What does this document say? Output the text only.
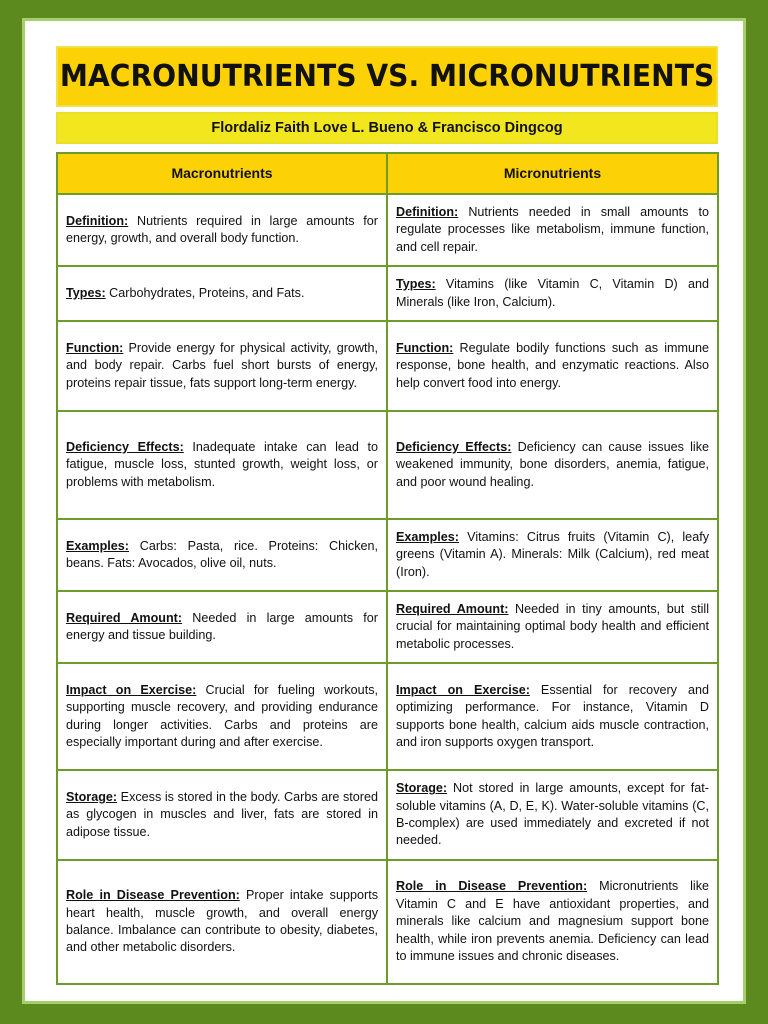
MACRONUTRIENTS VS. MICRONUTRIENTS
Flordaliz Faith Love L. Bueno & Francisco Dingcog
Macronutrients	Micronutrients
Definition: Nutrients required in large amounts for energy, growth, and overall body function.	Definition: Nutrients needed in small amounts to regulate processes like metabolism, immune function, and cell repair.
Types: Carbohydrates, Proteins, and Fats.	Types: Vitamins (like Vitamin C, Vitamin D) and Minerals (like Iron, Calcium).
Function: Provide energy for physical activity, growth, and body repair. Carbs fuel short bursts of energy, proteins repair tissue, fats support long-term energy.	Function: Regulate bodily functions such as immune response, bone health, and enzymatic reactions. Also help convert food into energy.
Deficiency Effects: Inadequate intake can lead to fatigue, muscle loss, stunted growth, weight loss, or problems with metabolism.	Deficiency Effects: Deficiency can cause issues like weakened immunity, bone disorders, anemia, fatigue, and poor wound healing.
Examples: Carbs: Pasta, rice. Proteins: Chicken, beans. Fats: Avocados, olive oil, nuts.	Examples: Vitamins: Citrus fruits (Vitamin C), leafy greens (Vitamin A). Minerals: Milk (Calcium), red meat (Iron).
Required Amount: Needed in large amounts for energy and tissue building.	Required Amount: Needed in tiny amounts, but still crucial for maintaining optimal body health and efficient metabolic processes.
Impact on Exercise: Crucial for fueling workouts, supporting muscle recovery, and providing endurance during longer activities. Carbs and proteins are especially important during and after exercise.	Impact on Exercise: Essential for recovery and optimizing performance. For instance, Vitamin D supports bone health, calcium aids muscle contraction, and iron supports oxygen transport.
Storage: Excess is stored in the body. Carbs are stored as glycogen in muscles and liver, fats are stored in adipose tissue.	Storage: Not stored in large amounts, except for fat-soluble vitamins (A, D, E, K). Water-soluble vitamins (C, B-complex) are used immediately and excreted if not needed.
Role in Disease Prevention: Proper intake supports heart health, muscle growth, and overall energy balance. Imbalance can contribute to obesity, diabetes, and other metabolic disorders.	Role in Disease Prevention: Micronutrients like Vitamin C and E have antioxidant properties, and minerals like calcium and magnesium support bone health, while iron prevents anemia. Deficiency can lead to immune issues and chronic diseases.
